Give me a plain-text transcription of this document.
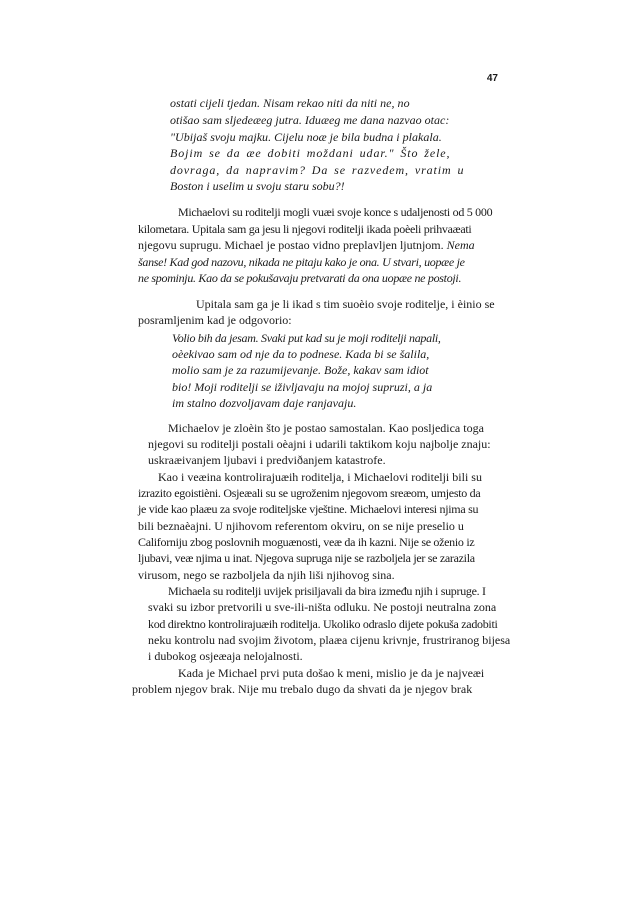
47
ostati cijeli tjedan. Nisam rekao niti da niti ne, no
otišao sam sljedeæeg jutra. Iduæeg me dana nazvao otac:
"Ubijaš svoju majku. Cijelu noæ je bila budna i plakala.
Bojim se da æe dobiti moždani udar." Što žele,
dovraga, da napravim? Da se razvedem, vratim u
Boston i uselim u svoju staru sobu?!
Michaelovi su roditelji mogli vuæi svoje konce s udaljenosti od 5 000
kilometara. Upitala sam ga jesu li njegovi roditelji ikada poèeli prihvaæati
njegovu suprugu. Michael je postao vidno preplavljen ljutnjom. Nema
šanse! Kad god nazovu, nikada ne pitaju kako je ona. U stvari, uopæe je
ne spominju. Kao da se pokušavaju pretvarati da ona uopæe ne postoji.
Upitala sam ga je li ikad s tim suoèio svoje roditelje, i èinio se
posramljenim kad je odgovorio:
Volio bih da jesam. Svaki put kad su je moji roditelji napali,
oèekivao sam od nje da to podnese. Kada bi se šalila,
molio sam je za razumijevanje. Bože, kakav sam idiot
bio! Moji roditelji se iživljavaju na mojoj supruzi, a ja
im stalno dozvoljavam daje ranjavaju.
Michaelov je zloèin što je postao samostalan. Kao posljedica toga
njegovi su roditelji postali oèajni i udarili taktikom koju najbolje znaju:
uskraæivanjem ljubavi i predviðanjem katastrofe.
Kao i veæina kontrolirajuæih roditelja, i Michaelovi roditelji bili su
izrazito egoistièni. Osjeæali su se ugroženim njegovom sreæom, umjesto da
je vide kao plaæu za svoje roditeljske vještine. Michaelovi interesi njima su
bili beznaèajni. U njihovom referentom okviru, on se nije preselio u
Californiju zbog poslovnih moguænosti, veæ da ih kazni. Nije se oženio iz
ljubavi, veæ njima u inat. Njegova supruga nije se razboljela jer se zarazila
virusom, nego se razboljela da njih liši njihovog sina.
Michaela su roditelji uvijek prisiljavali da bira između njih i supruge. I
svaki su izbor pretvorili u sve-ili-ništa odluku. Ne postoji neutralna zona
kod direktno kontrolirajuæih roditelja. Ukoliko odraslo dijete pokuša zadobiti
neku kontrolu nad svojim životom, plaæa cijenu krivnje, frustriranog bijesa
i dubokog osjeæaja nelojalnosti.
Kada je Michael prvi puta došao k meni, mislio je da je najveæi
problem njegov brak. Nije mu trebalo dugo da shvati da je njegov brak
